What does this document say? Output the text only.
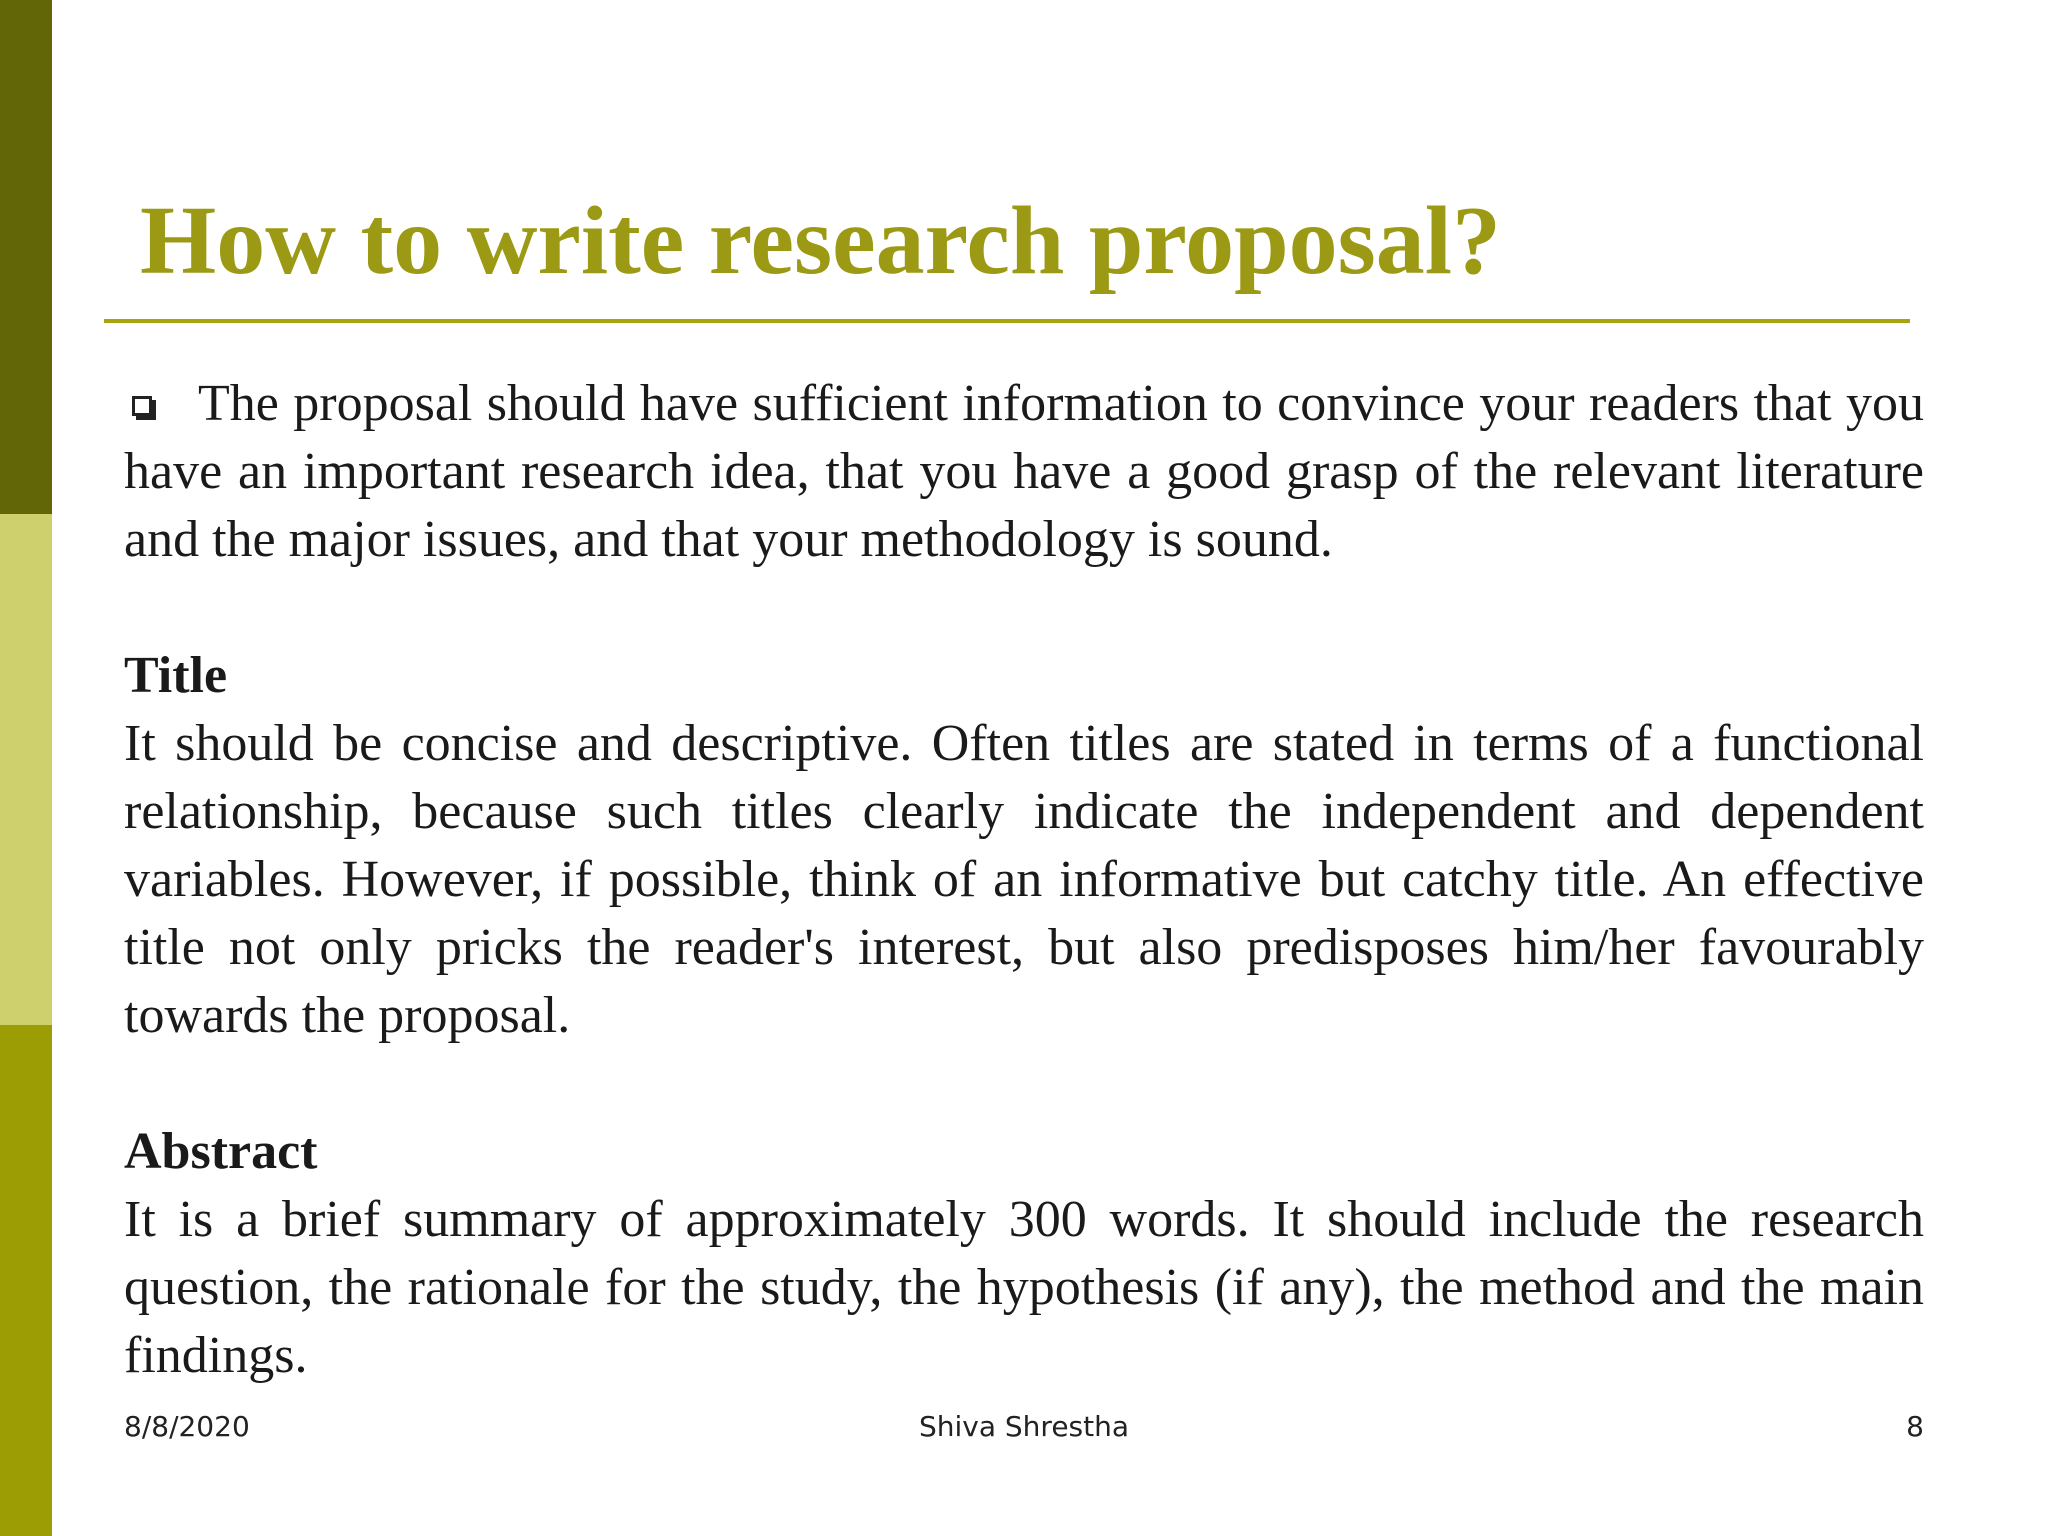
How to write research proposal?

The proposal should have sufficient information to convince your readers that you have an important research idea, that you have a good grasp of the relevant literature and the major issues, and that your methodology is sound.

Title

It should be concise and descriptive. Often titles are stated in terms of a functional relationship, because such titles clearly indicate the independent and dependent variables. However, if possible, think of an informative but catchy title. An effective title not only pricks the reader's interest, but also predisposes him/her favourably towards the proposal.

Abstract

It is a brief summary of approximately 300 words. It should include the research question, the rationale for the study, the hypothesis (if any), the method and the main findings.

8/8/2020	Shiva Shrestha	8
